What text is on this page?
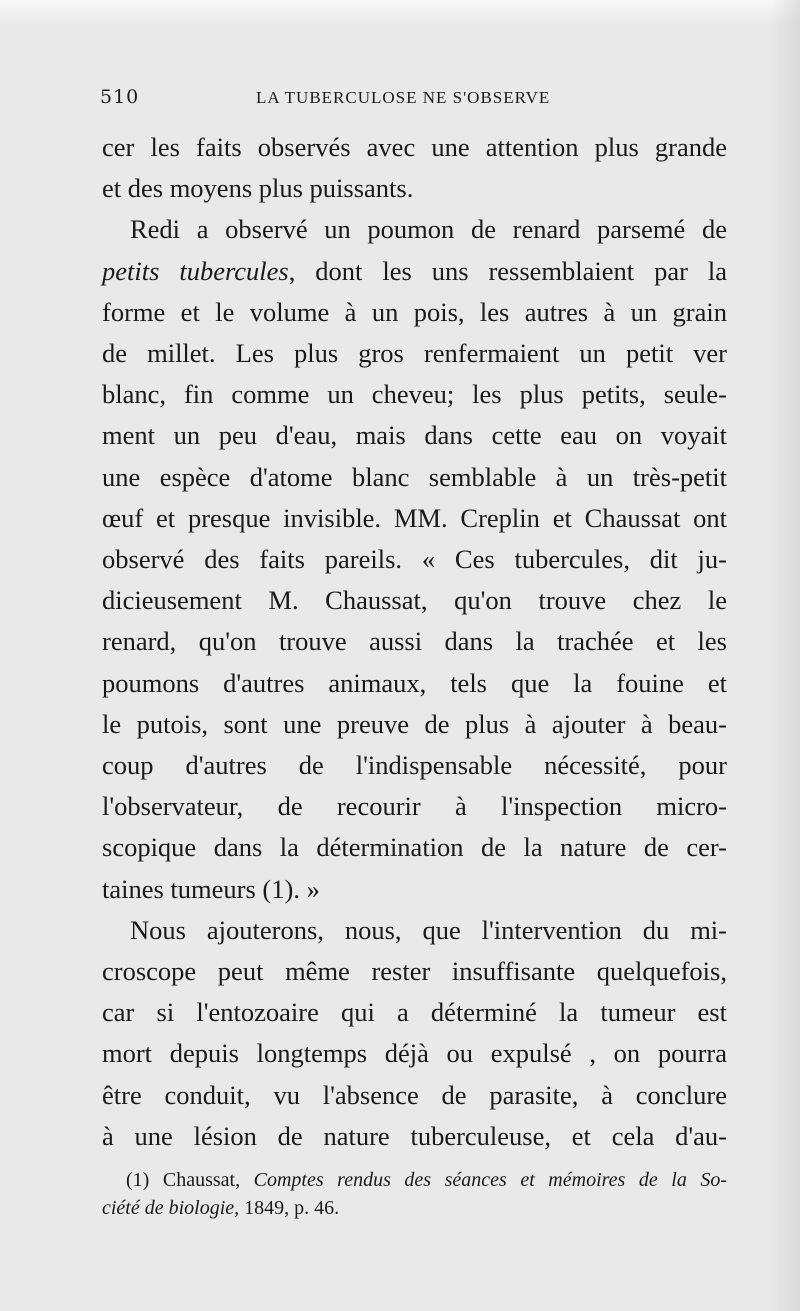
510	LA TUBERCULOSE NE S'OBSERVE
cer les faits observés avec une attention plus grande
et des moyens plus puissants.
Redi a observé un poumon de renard parsemé de
petits tubercules, dont les uns ressemblaient par la
forme et le volume à un pois, les autres à un grain
de millet. Les plus gros renfermaient un petit ver
blanc, fin comme un cheveu; les plus petits, seule-
ment un peu d'eau, mais dans cette eau on voyait
une espèce d'atome blanc semblable à un très-petit
œuf et presque invisible. MM. Creplin et Chaussat ont
observé des faits pareils. « Ces tubercules, dit ju-
dicieusement M. Chaussat, qu'on trouve chez le
renard, qu'on trouve aussi dans la trachée et les
poumons d'autres animaux, tels que la fouine et
le putois, sont une preuve de plus à ajouter à beau-
coup d'autres de l'indispensable nécessité, pour
l'observateur, de recourir à l'inspection micro-
scopique dans la détermination de la nature de cer-
taines tumeurs (1). »
Nous ajouterons, nous, que l'intervention du mi-
croscope peut même rester insuffisante quelquefois,
car si l'entozoaire qui a déterminé la tumeur est
mort depuis longtemps déjà ou expulsé , on pourra
être conduit, vu l'absence de parasite, à conclure
à une lésion de nature tuberculeuse, et cela d'au-
(1) Chaussat, Comptes rendus des séances et mémoires de la So-
ciété de biologie, 1849, p. 46.
